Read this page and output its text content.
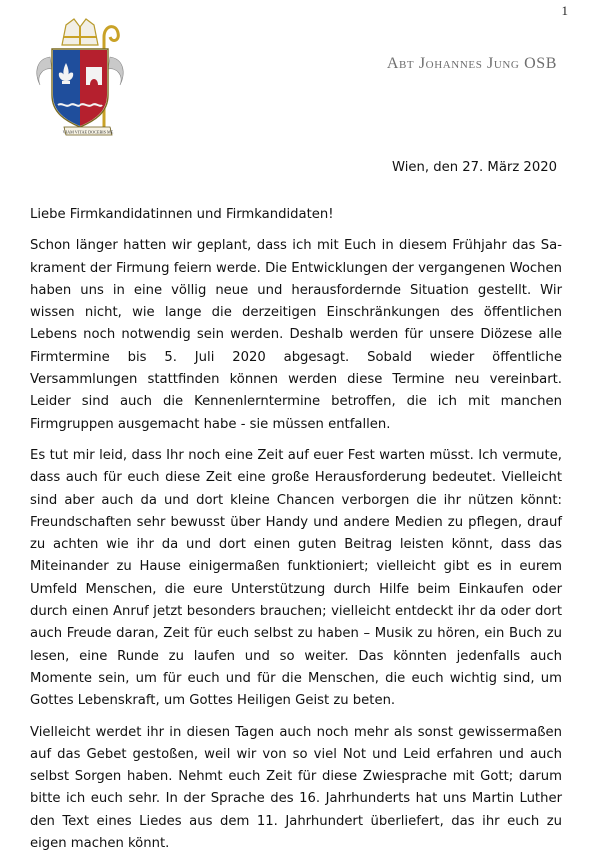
1
VIAM VITAE DOCEBIS ME
Abt Johannes Jung OSB
Wien, den 27. März 2020

Liebe Firmkandidatinnen und Firmkandidaten!

Schon länger hatten wir geplant, dass ich mit Euch in diesem Frühjahr das Sakrament der Firmung feiern werde. Die Entwicklungen der vergangenen Wochen haben uns in eine völlig neue und herausfordernde Situation gestellt. Wir wissen nicht, wie lange die derzeitigen Einschränkungen des öffentlichen Lebens noch notwendig sein werden. Deshalb werden für unsere Diözese alle Firmtermine bis 5. Juli 2020 abgesagt. Sobald wieder öffentliche Versammlungen stattfinden können werden diese Termine neu vereinbart. Leider sind auch die Kennenlerntermine betroffen, die ich mit manchen Firmgruppen ausgemacht habe - sie müssen entfallen.

Es tut mir leid, dass Ihr noch eine Zeit auf euer Fest warten müsst. Ich vermute, dass auch für euch diese Zeit eine große Herausforderung bedeutet. Vielleicht sind aber auch da und dort kleine Chancen verborgen die ihr nützen könnt: Freundschaften sehr bewusst über Handy und andere Medien zu pflegen, drauf zu achten wie ihr da und dort einen guten Beitrag leisten könnt, dass das Miteinander zu Hause einigermaßen funktioniert; vielleicht gibt es in eurem Umfeld Menschen, die eure Unterstützung durch Hilfe beim Einkaufen oder durch einen Anruf jetzt besonders brauchen; vielleicht entdeckt ihr da oder dort auch Freude daran, Zeit für euch selbst zu haben – Musik zu hören, ein Buch zu lesen, eine Runde zu laufen und so weiter. Das könnten jedenfalls auch Momente sein, um für euch und für die Menschen, die euch wichtig sind, um Gottes Lebenskraft, um Gottes Heiligen Geist zu beten.

Vielleicht werdet ihr in diesen Tagen auch noch mehr als sonst gewissermaßen auf das Gebet gestoßen, weil wir von so viel Not und Leid erfahren und auch selbst Sorgen haben. Nehmt euch Zeit für diese Zwiesprache mit Gott; darum bitte ich euch sehr. In der Sprache des 16. Jahrhunderts hat uns Martin Luther den Text eines Liedes aus dem 11. Jahrhundert überliefert, das ihr euch zu eigen machen könnt.
